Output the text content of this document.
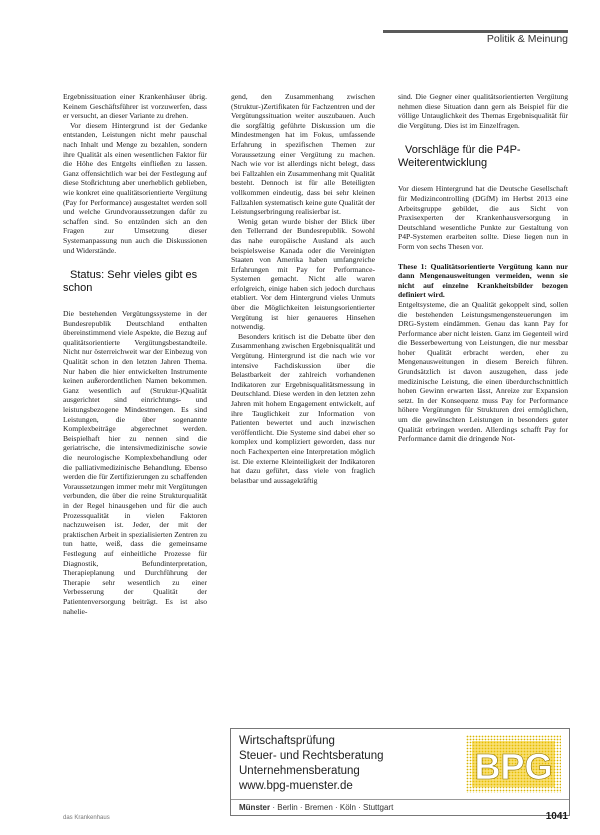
Politik & Meinung

Ergebnissituation einer Krankenhäuser übrig. Keinem Geschäftsführer ist vorzuwerfen, dass er versucht, an dieser Variante zu drehen.

Vor diesem Hintergrund ist der Gedanke entstanden, Leistungen nicht mehr pauschal nach Inhalt und Menge zu bezahlen, sondern ihre Qualität als einen wesentlichen Faktor für die Höhe des Entgelts einfließen zu lassen. Ganz offensichtlich war bei der Festlegung auf diese Stoßrichtung aber unerheblich geblieben, wie konkret eine qualitätsorientierte Vergütung (Pay for Performance) ausgestaltet werden soll und welche Grundvoraussetzungen dafür zu schaffen sind. So entzünden sich an den Fragen zur Umsetzung dieser Systemanpassung nun auch die Diskussionen und Widerstände.

Status: Sehr vieles gibt es schon

Die bestehenden Vergütungssysteme in der Bundesrepublik Deutschland enthalten übereinstimmend viele Aspekte, die Bezug auf qualitätsorientierte Vergütungsbestandteile. Nicht nur österreichweit war der Einbezug von Qualität schon in den letzten Jahren Thema. Nur haben die hier entwickelten Instrumente keinen außerordentlichen Namen bekommen. Ganz wesentlich auf (Struktur-)Qualität ausgerichtet sind einrichtungs- und leistungsbezogene Mindestmengen. Es sind Leistungen, die über sogenannte Komplexbeiträge abgerechnet werden. Beispielhaft hier zu nennen sind die geriatrische, die intensivmedizinische sowie die neurologische Komplexbehandlung oder die palliativmedizinische Behandlung. Ebenso werden die für Zertifizierungen zu schaffenden Voraussetzungen immer mehr mit Vergütungen verbunden, die über die reine Strukturqualität in der Regel hinausgehen und für die auch Prozessqualität in vielen Faktoren nachzuweisen ist. Jeder, der mit der praktischen Arbeit in spezialisierten Zentren zu tun hatte, weiß, dass die gemeinsame Festlegung auf einheitliche Prozesse für Diagnostik, Befundinterpretation, Therapieplanung und Durchführung der Therapie sehr wesentlich zu einer Verbesserung der Qualität der Patientenversorgung beiträgt. Es ist also nahelie-

gend, den Zusammenhang zwischen (Struktur-)Zertifikaten für Fachzentren und der Vergütungssituation weiter auszubauen. Auch die sorgfältig geführte Diskussion um die Mindestmengen hat im Fokus, umfassende Erfahrung in spezifischen Themen zur Voraussetzung einer Vergütung zu machen. Nach wie vor ist allerdings nicht belegt, dass bei Fallzahlen ein Zusammenhang mit Qualität besteht. Dennoch ist für alle Beteiligten vollkommen eindeutig, dass bei sehr kleinen Fallzahlen systematisch keine gute Qualität der Leistungserbringung realisierbar ist.

Wenig getan wurde bisher der Blick über den Tellerrand der Bundesrepublik. Sowohl das nahe europäische Ausland als auch beispielsweise Kanada oder die Vereinigten Staaten von Amerika haben umfangreiche Erfahrungen mit Pay for Performance-Systemen gemacht. Nicht alle waren erfolgreich, einige haben sich jedoch durchaus etabliert. Vor dem Hintergrund vieles Unmuts über die Möglichkeiten leistungsorientierter Vergütung ist hier genaueres Hinsehen notwendig.

Besonders kritisch ist die Debatte über den Zusammenhang zwischen Ergebnisqualität und Vergütung. Hintergrund ist die nach wie vor intensive Fachdiskussion über die Belastbarkeit der zahlreich vorhandenen Indikatoren zur Ergebnisqualitätsmessung in Deutschland. Diese werden in den letzten zehn Jahren mit hohem Engagement entwickelt, auf ihre Tauglichkeit zur Information von Patienten bewertet und auch inzwischen veröffentlicht. Die Systeme sind dabei eher so komplex und kompliziert geworden, dass nur noch Fachexperten eine Interpretation möglich ist. Die externe Kleinteiligkeit der Indikatoren hat dazu geführt, dass viele von fraglich belastbar und aussagekräftig

sind. Die Gegner einer qualitätsorientierten Vergütung nehmen diese Situation dann gern als Beispiel für die völlige Untauglichkeit des Themas Ergebnisqualität für die Vergütung. Dies ist im Einzelfragen.

Vorschläge für die P4P-Weiterentwicklung

Vor diesem Hintergrund hat die Deutsche Gesellschaft für Medizincontrolling (DGfM) im Herbst 2013 eine Arbeitsgruppe gebildet, die aus Sicht von Praxisexperten der Krankenhausversorgung in Deutschland wesentliche Punkte zur Gestaltung von P4P-Systemen erarbeiten sollte. Diese liegen nun in Form von sechs Thesen vor.

These 1: Qualitätsorientierte Vergütung kann nur dann Mengenausweitungen vermeiden, wenn sie nicht auf einzelne Krankheitsbilder bezogen definiert wird.

Entgeltsysteme, die an Qualität gekoppelt sind, sollen die bestehenden Leistungsmengensteuerungen im DRG-System eindämmen. Genau das kann Pay for Performance aber nicht leisten. Ganz im Gegenteil wird die Besserbewertung von Leistungen, die nur messbar hoher Qualität erbracht werden, eher zu Mengenausweitungen in diesem Bereich führen. Grundsätzlich ist davon auszugehen, dass jede medizinische Leistung, die einen überdurchschnittlich hohen Gewinn erwarten lässt, Anreize zur Expansion setzt. In der Konsequenz muss Pay for Performance höhere Vergütungen für Strukturen drei ermöglichen, um die gewünschten Leistungen in besonders guter Qualität erbringen werden. Allerdings schafft Pay for Performance damit die dringende Not-

Wirtschaftsprüfung
Steuer- und Rechtsberatung
Unternehmensberatung
www.bpg-muenster.de	BPG
Münster · Berlin · Bremen · Köln · Stuttgart
das Krankenhaus	1041
